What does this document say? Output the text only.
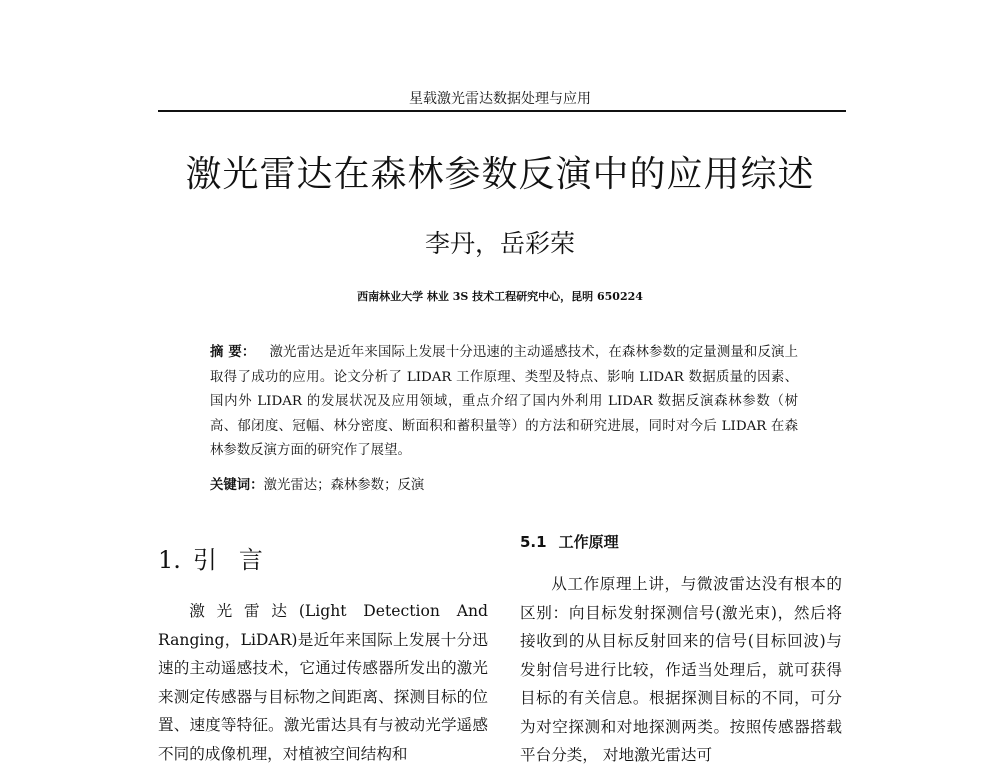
星载激光雷达数据处理与应用
激光雷达在森林参数反演中的应用综述
李丹，岳彩荣
西南林业大学 林业 3S 技术工程研究中心，昆明 650224
摘 要： 激光雷达是近年来国际上发展十分迅速的主动遥感技术，在森林参数的定量测量和反演上取得了成功的应用。论文分析了 LIDAR 工作原理、类型及特点、影响 LIDAR 数据质量的因素、国内外 LIDAR 的发展状况及应用领域，重点介绍了国内外利用 LIDAR 数据反演森林参数（树高、郁闭度、冠幅、林分密度、断面积和蓄积量等）的方法和研究进展，同时对今后 LIDAR 在森林参数反演方面的研究作了展望。
关键词：激光雷达；森林参数；反演
1. 引言
激光雷达(Light Detection And Ranging，LiDAR)是近年来国际上发展十分迅速的主动遥感技术，它通过传感器所发出的激光来测定传感器与目标物之间距离、探测目标的位置、速度等特征。激光雷达具有与被动光学遥感不同的成像机理，对植被空间结构和
5.1 工作原理
从工作原理上讲，与微波雷达没有根本的区别：向目标发射探测信号(激光束)，然后将接收到的从目标反射回来的信号(目标回波)与发射信号进行比较，作适当处理后，就可获得目标的有关信息。根据探测目标的不同，可分为对空探测和对地探测两类。按照传感器搭载平台分类， 对地激光雷达可
